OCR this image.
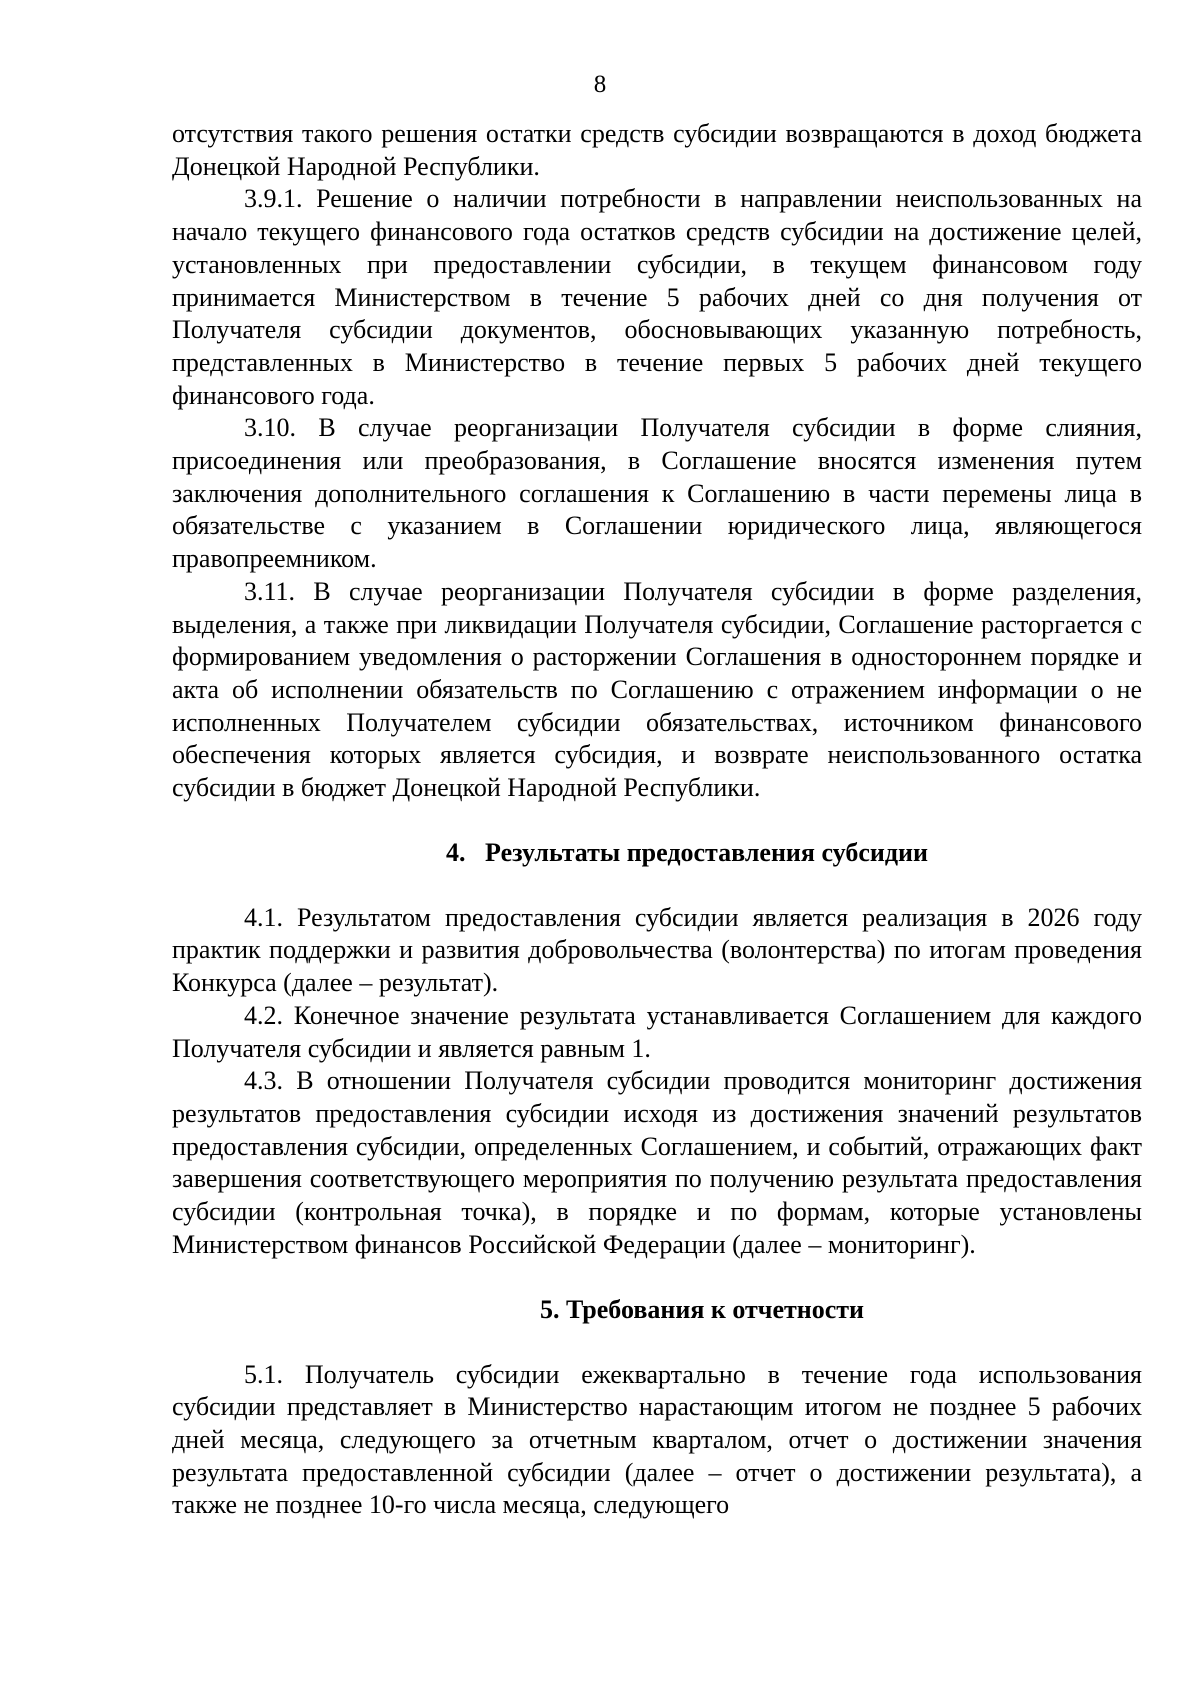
8

отсутствия такого решения остатки средств субсидии возвращаются в доход бюджета Донецкой Народной Республики.

3.9.1. Решение о наличии потребности в направлении неиспользованных на начало текущего финансового года остатков средств субсидии на достижение целей, установленных при предоставлении субсидии, в текущем финансовом году принимается Министерством в течение 5 рабочих дней со дня получения от Получателя субсидии документов, обосновывающих указанную потребность, представленных в Министерство в течение первых 5 рабочих дней текущего финансового года.

3.10. В случае реорганизации Получателя субсидии в форме слияния, присоединения или преобразования, в Соглашение вносятся изменения путем заключения дополнительного соглашения к Соглашению в части перемены лица в обязательстве с указанием в Соглашении юридического лица, являющегося правопреемником.

3.11. В случае реорганизации Получателя субсидии в форме разделения, выделения, а также при ликвидации Получателя субсидии, Соглашение расторгается с формированием уведомления о расторжении Соглашения в одностороннем порядке и акта об исполнении обязательств по Соглашению с отражением информации о не исполненных Получателем субсидии обязательствах, источником финансового обеспечения которых является субсидия, и возврате неиспользованного остатка субсидии в бюджет Донецкой Народной Республики.

4.   Результаты предоставления субсидии

4.1. Результатом предоставления субсидии является реализация в 2026 году практик поддержки и развития добровольчества (волонтерства) по итогам проведения Конкурса (далее – результат).

4.2. Конечное значение результата устанавливается Соглашением для каждого Получателя субсидии и является равным 1.

4.3. В отношении Получателя субсидии проводится мониторинг достижения результатов предоставления субсидии исходя из достижения значений результатов предоставления субсидии, определенных Соглашением, и событий, отражающих факт завершения соответствующего мероприятия по получению результата предоставления субсидии (контрольная точка), в порядке и по формам, которые установлены Министерством финансов Российской Федерации (далее – мониторинг).

5. Требования к отчетности

5.1. Получатель субсидии ежеквартально в течение года использования субсидии представляет в Министерство нарастающим итогом не позднее 5 рабочих дней месяца, следующего за отчетным кварталом, отчет о достижении значения результата предоставленной субсидии (далее – отчет о достижении результата), а также не позднее 10-го числа месяца, следующего
